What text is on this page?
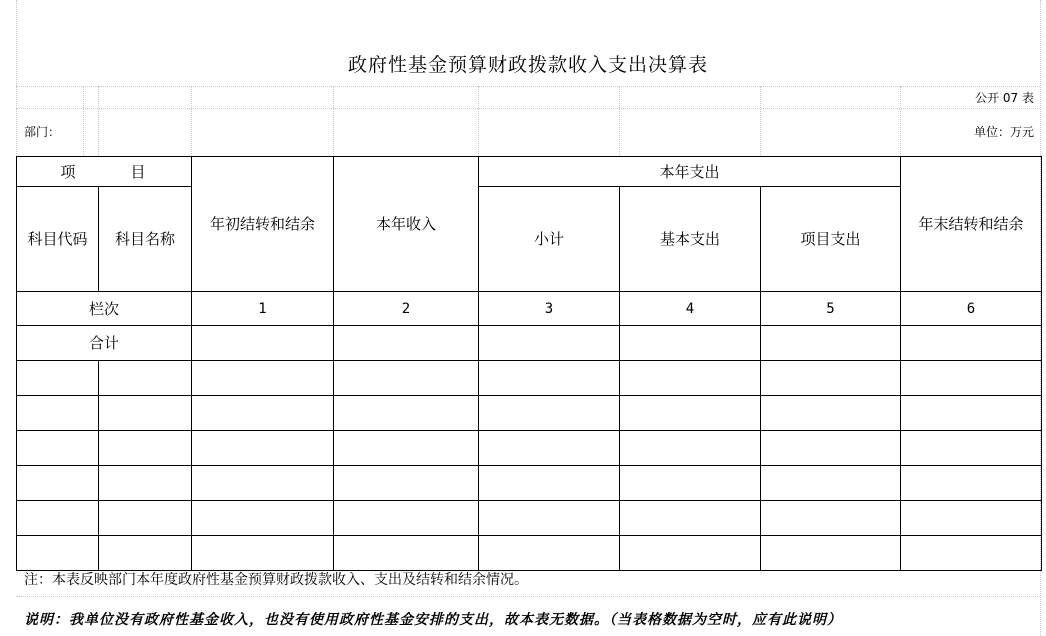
政府性基金预算财政拨款收入支出决算表
公开 07 表
部门：	单位：万元
项　目		年初结转和结余	本年收入	本年支出			年末结转和结余
科目代码	科目名称			小计	基本支出	项目支出	
栏次		1	2	3	4	5	6
合计							

注：本表反映部门本年度政府性基金预算财政拨款收入、支出及结转和结余情况。
说明：我单位没有政府性基金收入，也没有使用政府性基金安排的支出，故本表无数据。（当表格数据为空时，应有此说明）
